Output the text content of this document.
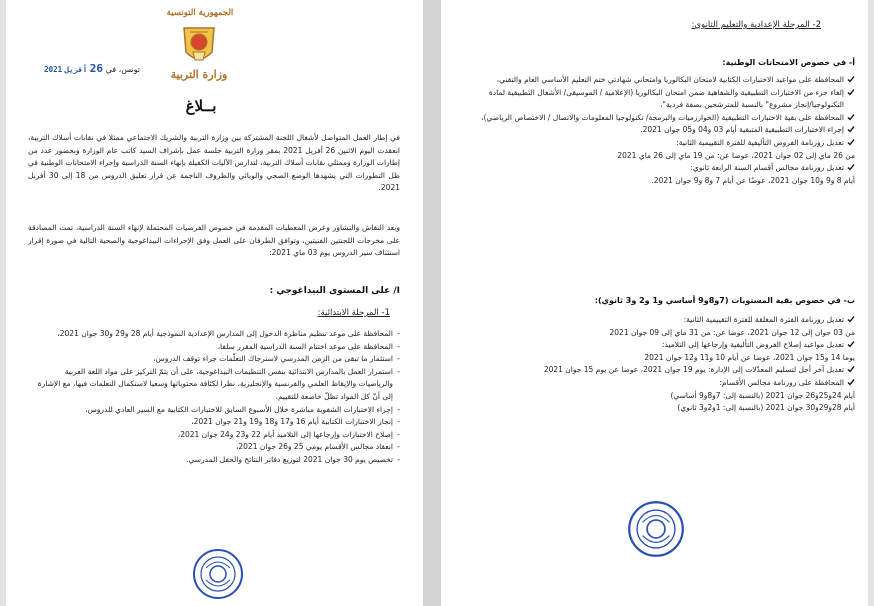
الجمهورية التونسية
وزارة التربية
تونس، في 26 أفريل 2021
بــلاغ

في إطار العمل المتواصل لأشغال اللجنة المشتركة بين وزارة التربية والشريك الاجتماعي ممثلا في نقابات أسلاك التربية، انعقدت اليوم الاثنين 26 أفريل 2021 بمقر وزارة التربية جلسة عمل بإشراف السيد كاتب عام الوزارة وبحضور عدد من إطارات الوزارة وممثلي نقابات أسلاك التربية، لتدارس الآليات الكفيلة بإنهاء السنة الدراسية وإجراء الامتحانات الوطنية في ظل التطورات التي يشهدها الوضع الصحي والوبائي والظروف الناجمة عن قرار تعليق الدروس من 18 إلى 30 أفريل 2021.

وبعد النقاش والتشاور وعرض المعطيات المقدمة في خصوص الفرضيات المحتملة لإنهاء السنة الدراسية، تمت المصادقة على مخرجات اللجنتين الفنيتين، وتوافق الطرفان على العمل وفق الإجراءات البيداغوجية والصحية التالية في صورة إقرار استئناف سير الدروس يوم 03 ماي 2021:

I/ على المستوى البيداغوجي :
1- المرحلة الابتدائية:
- المحافظة على موعد تنظيم مناظرة الدخول إلى المدارس الإعدادية النموذجية أيام 28 و29 و30 جوان 2021،
- المحافظة على موعد اختتام السنة الدراسية المقرر سلفا،
- استثمار ما تبقى من الزمن المدرسي لاسترجاك التعلّمات جراء توقف الدروس،
- استمرار العمل بالمدارس الابتدائية بنفس التنظيمات البيداغوجية، على أن يتمّ التركيز على مواد اللغة العربية والرياضيات والإيقاظ العلمي والفرنسية والإنجليزية، نظرا لكثافة محتوياتها وسعيا لاستكمال التعلمات فيها، مع الإشارة إلى أنّ كل المواد تظلّ خاضعة للتقييم.
- إجراء الاختبارات الشفوية مباشرة خلال الأسبوع السابق للاختبارات الكتابية مع السير العادي للدروس،
- إنجاز الاختبارات الكتابية أيام 16 و17 و18 و19 و21 جوان 2021،
- إصلاح الاختبارات وإرجاعها إلى التلاميذ أيام 22 و23 و24 جوان 2021،
- انعقاد مجالس الأقسام يومي 25 و26 جوان 2021،
- تخصيص يوم 30 جوان 2021 لتوزيع دفاتر النتائج والحفل المدرسي.
2- المرحلة الإعدادية والتعليم الثانوي:
أ- في خصوص الامتحانات الوطنية:
المحافظة على مواعيد الاختبارات الكتابية لامتحان البكالوريا وامتحاني شهادتي ختم التعليم الأساسي العام والتقني،
إلغاء جزء من الاختبارات التطبيقية والشفاهية ضمن امتحان البكالوريا (الإعلامية / الموسيقى/ الأشغال التطبيقية لمادة التكنولوجيا/إنجاز مشروع" بالنسبة للمترشحين بصفة فردية"،
المحافظة على بقية الاختبارات التطبيقية (الخوارزميات والبرمجة/ تكنولوجيا المعلومات والاتصال / الاختصاص الرياضي)،
إجراء الاختبارات التطبيقية المتبقية أيام 03 و04 و05 جوان 2021.
تعديل روزنامة الفروض التأليفية للفترة التقييمية الثانية:
من 26 ماي إلى 02 جوان 2021، عوضا عن: من 19 ماي إلى 26 ماي 2021
تعديل روزنامة مجالس أقسام السنة الرابعة ثانوي:
أيام 8 و9 و10 جوان 2021، عوضًا عن أيام 7 و8 و9 جوان 2021.
ب- في خصوص بقية المستويات (7و8و9 أساسي و1 و2 و3 ثانوي):
تعديل روزنامة الفترة المغلقة للفترة التقييمية الثانية:
من 03 جوان إلى 12 جوان 2021، عوضا عن: من 31 ماي إلى 09 جوان 2021
تعديل مواعيد إصلاح الفروض التأليفية وإرجاعها إلى التلاميذ:
يوما 14 و15 جوان 2021، عوضا عن أيام 10 و11 و12 جوان 2021
تعديل آخر أجل لتسليم المعدّلات إلى الإدارة: يوم 19 جوان 2021، عوضا عن يوم 15 جوان 2021
المحافظة على روزنامة مجالس الأقسام:
أيام 24و25و26 جوان 2021 (بالنسبة إلى: 7و8و9 أساسي)
أيام 28و29و30 جوان 2021 (بالنسبة إلى: 1و2و3 ثانوي)
